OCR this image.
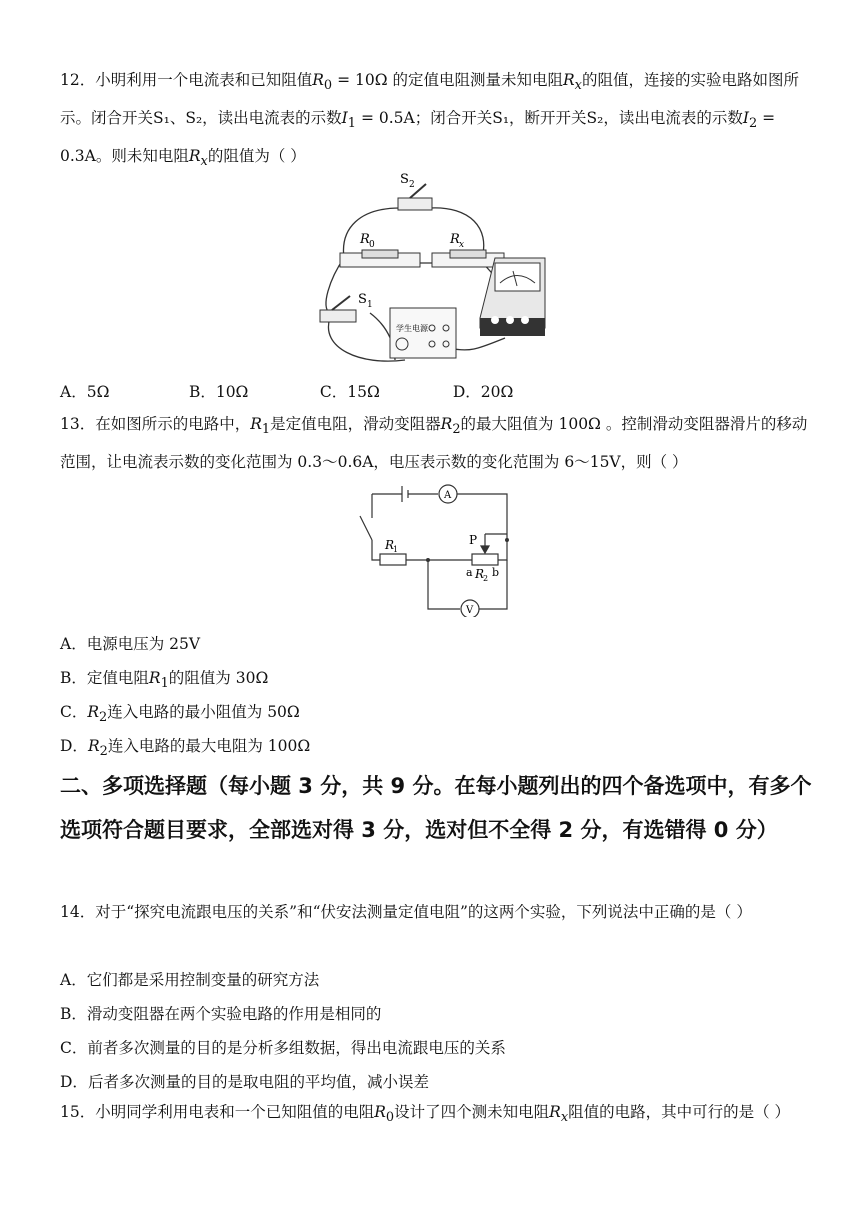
12．小明利用一个电流表和已知阻值$R_0 = 10\Omega$ 的定值电阻测量未知电阻$R_x$的阻值，连接的实验电路如图所示。闭合开关S₁、S₂，读出电流表的示数$I_1 = 0.5A$；闭合开关S₁，断开开关S₂，读出电流表的示数$I_2 = 0.3A$。则未知电阻$R_x$的阻值为（ ）
S 2
R 0	R x
S 1
学生电源
A．5Ω	B．10Ω	C．15Ω	D．20Ω
13．在如图所示的电路中，$R_1$是定值电阻，滑动变阻器$R_2$的最大阻值为 100Ω 。控制滑动变阻器滑片的移动范围，让电流表示数的变化范围为 0.3～0.6A，电压表示数的变化范围为 6～15V，则（ ）
A
V
R
1
P
a R
2 b
A．电源电压为 25V
B．定值电阻$R_1$的阻值为 30Ω
C．$R_2$连入电路的最小阻值为 50Ω
D．$R_2$连入电路的最大电阻为 100Ω
二、多项选择题（每小题 3 分，共 9 分。在每小题列出的四个备选项中，有多个选项符合题目要求，全部选对得 3 分，选对但不全得 2 分，有选错得 0 分）
14．对于“探究电流跟电压的关系”和“伏安法测量定值电阻”的这两个实验，下列说法中正确的是（ ）
A．它们都是采用控制变量的研究方法
B．滑动变阻器在两个实验电路的作用是相同的
C．前者多次测量的目的是分析多组数据，得出电流跟电压的关系
D．后者多次测量的目的是取电阻的平均值，减小误差
15．小明同学利用电表和一个已知阻值的电阻$R_0$设计了四个测未知电阻$R_x$阻值的电路，其中可行的是（ ）
